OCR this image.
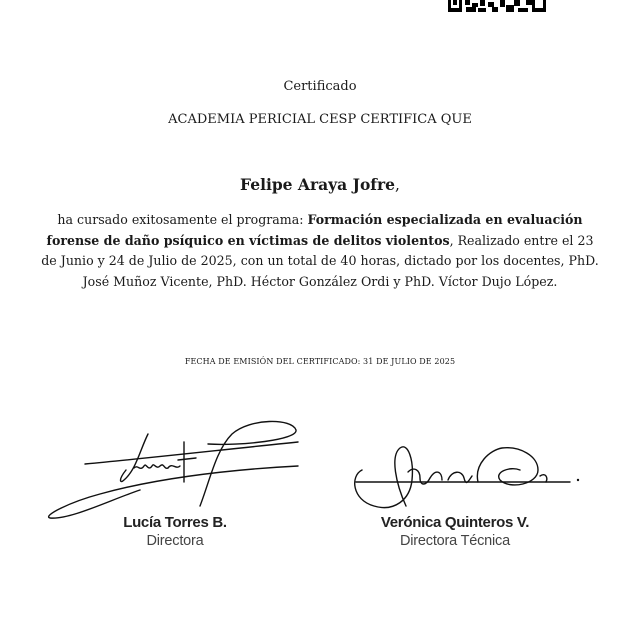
Certificado
ACADEMIA PERICIAL CESP CERTIFICA QUE
Felipe Araya Jofre,
ha cursado exitosamente el programa: Formación especializada en evaluación forense de daño psíquico en víctimas de delitos violentos, Realizado entre el 23 de Junio y 24 de Julio de 2025, con un total de 40 horas, dictado por los docentes, PhD. José Muñoz Vicente, PhD. Héctor González Ordi y PhD. Víctor Dujo López.
FECHA DE EMISIÓN DEL CERTIFICADO: 31 DE JULIO DE 2025
Lucía Torres B.
Directora
Verónica Quinteros V.
Directora Técnica
